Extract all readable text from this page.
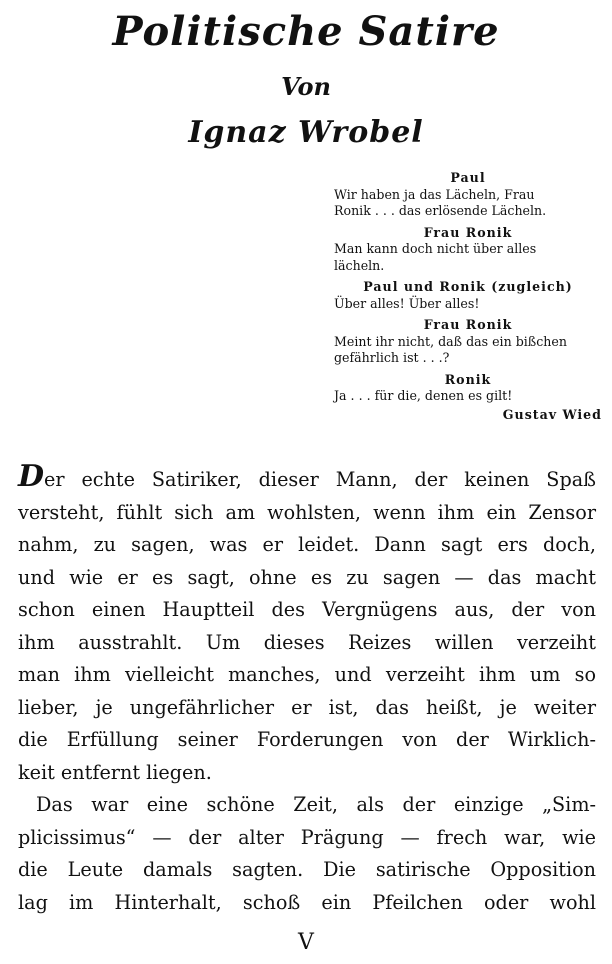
Politische Satire
Von
Ignaz Wrobel
Paul
Wir haben ja das Lächeln, Frau
Ronik . . . das erlösende Lächeln.
Frau Ronik
Man kann doch nicht über alles
lächeln.
Paul und Ronik (zugleich)
Über alles! Über alles!
Frau Ronik
Meint ihr nicht, daß das ein bißchen
gefährlich ist . . .?
Ronik
Ja . . . für die, denen es gilt!
Gustav Wied
Der echte Satiriker, dieser Mann, der keinen Spaß
versteht, fühlt sich am wohlsten, wenn ihm ein Zensor
nahm, zu sagen, was er leidet. Dann sagt ers doch,
und wie er es sagt, ohne es zu sagen — das macht
schon einen Hauptteil des Vergnügens aus, der von
ihm ausstrahlt. Um dieses Reizes willen verzeiht
man ihm vielleicht manches, und verzeiht ihm um so
lieber, je ungefährlicher er ist, das heißt, je weiter
die Erfüllung seiner Forderungen von der Wirklich-
keit entfernt liegen.
Das war eine schöne Zeit, als der einzige „Sim-
plicissimus“ — der alter Prägung — frech war, wie
die Leute damals sagten. Die satirische Opposition
lag im Hinterhalt, schoß ein Pfeilchen oder wohl
V
